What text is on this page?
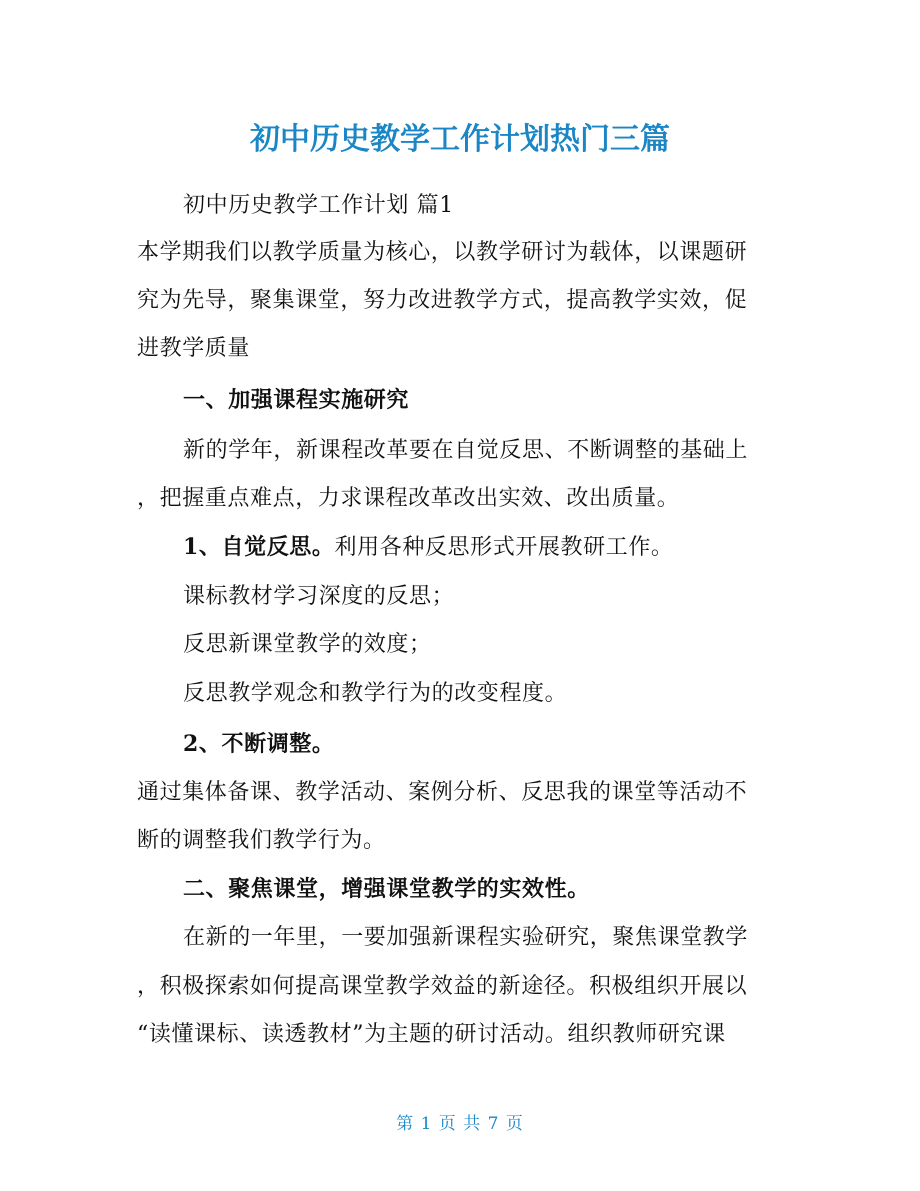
初中历史教学工作计划热门三篇
初中历史教学工作计划 篇1
本学期我们以教学质量为核心，以教学研讨为载体，以课题研
究为先导，聚集课堂，努力改进教学方式，提高教学实效，促
进教学质量
一、加强课程实施研究
新的学年，新课程改革要在自觉反思、不断调整的基础上
，把握重点难点，力求课程改革改出实效、改出质量。
1、自觉反思。利用各种反思形式开展教研工作。
课标教材学习深度的反思；
反思新课堂教学的效度；
反思教学观念和教学行为的改变程度。
2、不断调整。
通过集体备课、教学活动、案例分析、反思我的课堂等活动不
断的调整我们教学行为。
二、聚焦课堂，增强课堂教学的实效性。
在新的一年里，一要加强新课程实验研究，聚焦课堂教学
，积极探索如何提高课堂教学效益的新途径。积极组织开展以
“读懂课标、读透教材”为主题的研讨活动。组织教师研究课
第 1 页 共 7 页
